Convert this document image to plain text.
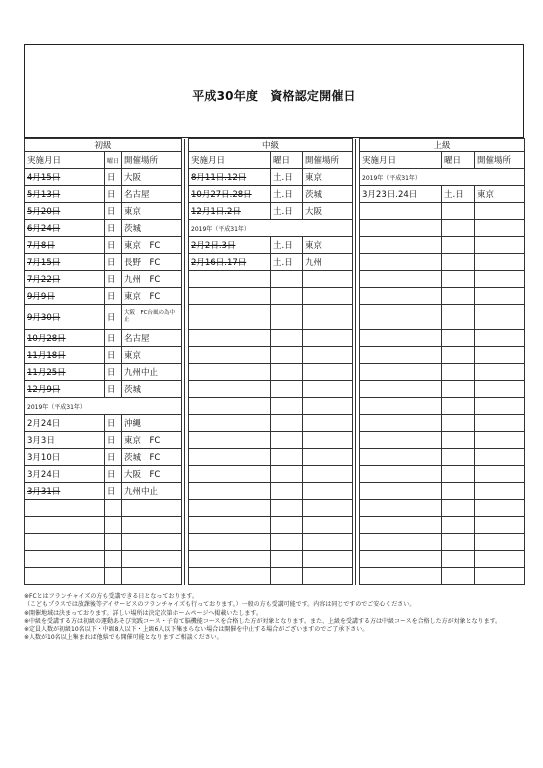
平成30年度　資格認定開催日
初級					中級					上級		
実施月日	曜日	開催場所			実施月日	曜日	開催場所			実施月日	曜日	開催場所
4月15日	日	大阪			8月11日.12日	土.日	東京			2019年（平成31年）		
5月13日	日	名古屋			10月27日.28日	土.日	茨城			3月23日.24日	土.日	東京
5月20日	日	東京			12月1日.2日	土.日	大阪					
6月24日	日	茨城			2019年（平成31年）							
7月8日	日	東京　FC			2月2日.3日	土.日	東京					
7月15日	日	長野　FC			2月16日.17日	土.日	九州					
7月22日	日	九州　FC										
9月9日	日	東京　FC										
9月30日	日	大阪　FC台風の為中止										
10月28日	日	名古屋										
11月18日	日	東京										
11月25日	日	九州中止										
12月9日	日	茨城										
2019年（平成31年）												
2月24日	日	沖縄										
3月3日	日	東京　FC										
3月10日	日	茨城　FC										
3月24日	日	大阪　FC										
3月31日	日	九州中止										

※FCとはフランチャイズの方も受講できる日となっております。
（こどもプラスでは放課後等デイサービスのフランチャイズも行っております。）一般の方も受講可能です。内容は同じですのでご安心ください。
※開催地域は決まっております。詳しい場所は決定次第ホームページへ掲載いたします。
※中級を受講する方は初級の運動あそび実践コース・子育て脳機能コースを合格した方が対象となります。また、上級を受講する方は中級コースを合格した方が対象となります。
※定員人数が初級10名以下・中級8人以下・上級6人以下集まらない場合は開催を中止する場合がございますのでご了承下さい。
※人数が10名以上集まれば他県でも開催可能となりますご相談ください。
